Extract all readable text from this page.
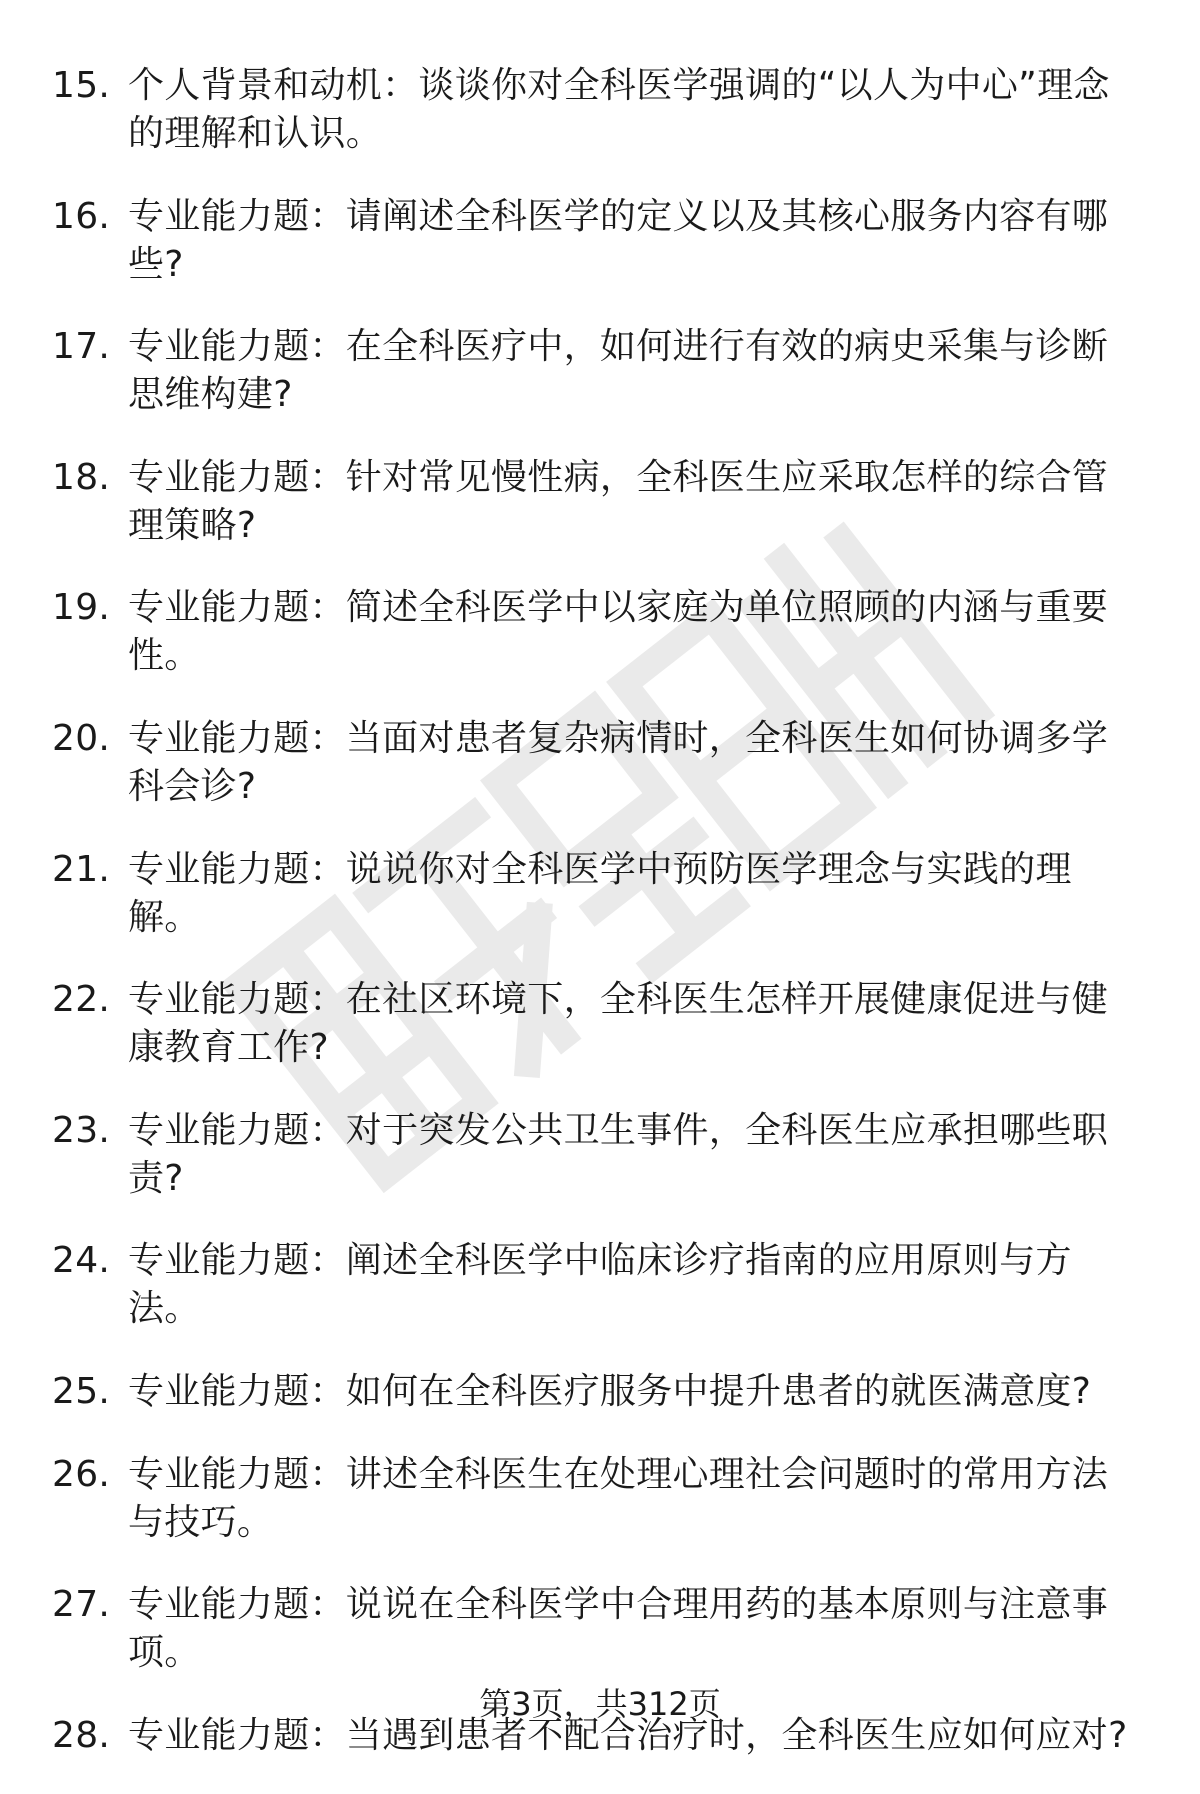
15. 个人背景和动机：谈谈你对全科医学强调的“以人为中心”理念的理解和认识。
16. 专业能力题：请阐述全科医学的定义以及其核心服务内容有哪些?
17. 专业能力题：在全科医疗中，如何进行有效的病史采集与诊断思维构建?
18. 专业能力题：针对常见慢性病，全科医生应采取怎样的综合管理策略?
19. 专业能力题：简述全科医学中以家庭为单位照顾的内涵与重要性。
20. 专业能力题：当面对患者复杂病情时，全科医生如何协调多学科会诊?
21. 专业能力题：说说你对全科医学中预防医学理念与实践的理解。
22. 专业能力题：在社区环境下，全科医生怎样开展健康促进与健康教育工作?
23. 专业能力题：对于突发公共卫生事件，全科医生应承担哪些职责?
24. 专业能力题：阐述全科医学中临床诊疗指南的应用原则与方法。
25. 专业能力题：如何在全科医疗服务中提升患者的就医满意度?
26. 专业能力题：讲述全科医生在处理心理社会问题时的常用方法与技巧。
27. 专业能力题：说说在全科医学中合理用药的基本原则与注意事项。
28. 专业能力题：当遇到患者不配合治疗时，全科医生应如何应对?
第3页，共312页
